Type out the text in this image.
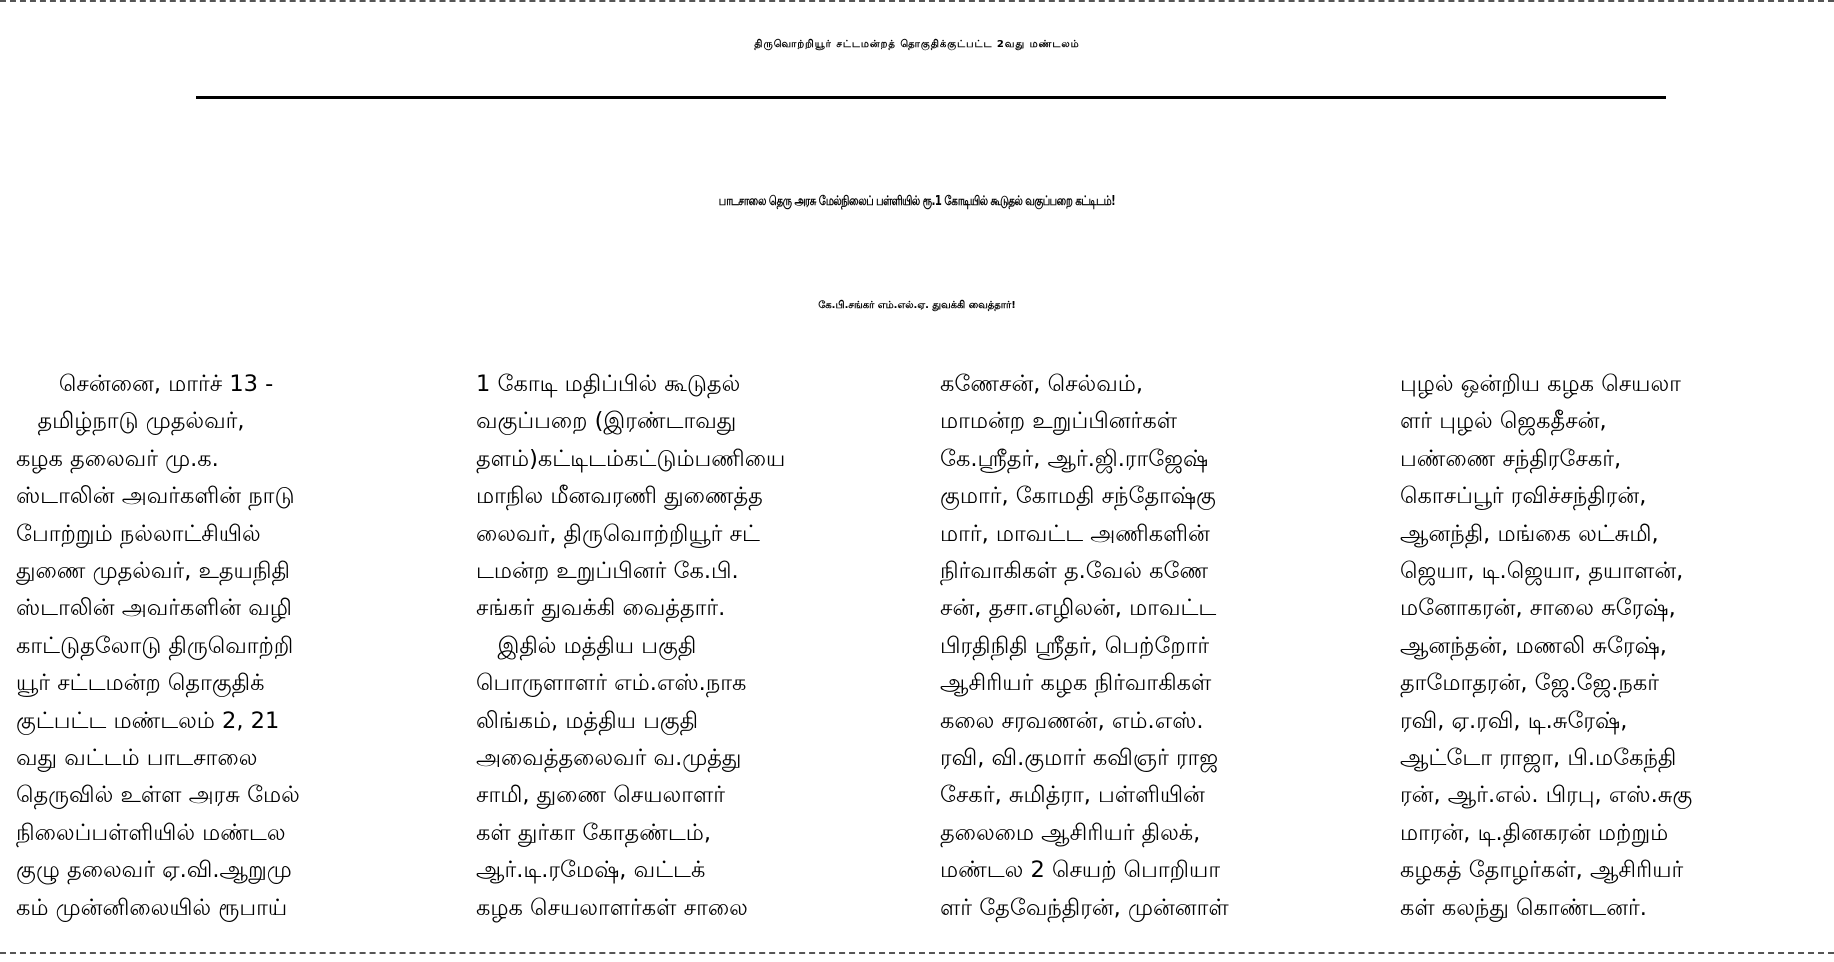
திருவொற்றியூர் சட்டமன்றத் தொகுதிக்குட்பட்ட 2வது மண்டலம்
பாடசாலை தெரு அரசு மேல்நிலைப் பள்ளியில் ரூ.1 கோடியில் கூடுதல் வகுப்பறை கட்டிடம்!
கே.பி.சங்கர் எம்.எல்.ஏ. துவக்கி வைத்தார்!
சென்னை, மார்ச் 13 -
தமிழ்நாடு முதல்வர்,
கழக தலைவர் மு.க.
ஸ்டாலின் அவர்களின் நாடு
போற்றும் நல்லாட்சியில்
துணை முதல்வர், உதயநிதி
ஸ்டாலின் அவர்களின் வழி
காட்டுதலோடு திருவொற்றி
யூர் சட்டமன்ற தொகுதிக்
குட்பட்ட மண்டலம் 2, 21
வது வட்டம் பாடசாலை
தெருவில் உள்ள அரசு மேல்
நிலைப்பள்ளியில் மண்டல
குழு தலைவர் ஏ.வி.ஆறுமு
கம் முன்னிலையில் ரூபாய்
1 கோடி மதிப்பில் கூடுதல்
வகுப்பறை (இரண்டாவது
தளம்)கட்டிடம்கட்டும்பணியை
மாநில மீனவரணி துணைத்த
லைவர், திருவொற்றியூர் சட்
டமன்ற உறுப்பினர் கே.பி.
சங்கர் துவக்கி வைத்தார்.
இதில் மத்திய பகுதி
பொருளாளர் எம்.எஸ்.நாக
லிங்கம், மத்திய பகுதி
அவைத்தலைவர் வ.முத்து
சாமி, துணை செயலாளர்
கள் துர்கா கோதண்டம்,
ஆர்.டி.ரமேஷ், வட்டக்
கழக செயலாளர்கள் சாலை
கணேசன், செல்வம்,
மாமன்ற உறுப்பினர்கள்
கே.ஸ்ரீதர், ஆர்.ஜி.ராஜேஷ்
குமார், கோமதி சந்தோஷ்கு
மார், மாவட்ட அணிகளின்
நிர்வாகிகள் த.வேல் கணே
சன், தசா.எழிலன், மாவட்ட
பிரதிநிதி ஸ்ரீதர், பெற்றோர்
ஆசிரியர் கழக நிர்வாகிகள்
கலை சரவணன், எம்.எஸ்.
ரவி, வி.குமார் கவிஞர் ராஜ
சேகர், சுமித்ரா, பள்ளியின்
தலைமை ஆசிரியர் திலக்,
மண்டல 2 செயற் பொறியா
ளர் தேவேந்திரன், முன்னாள்
புழல் ஒன்றிய கழக செயலா
ளர் புழல் ஜெகதீசன்,
பண்ணை சந்திரசேகர்,
கொசப்பூர் ரவிச்சந்திரன்,
ஆனந்தி, மங்கை லட்சுமி,
ஜெயா, டி.ஜெயா, தயாளன்,
மனோகரன், சாலை சுரேஷ்,
ஆனந்தன், மணலி சுரேஷ்,
தாமோதரன், ஜே.ஜே.நகர்
ரவி, ஏ.ரவி, டி.சுரேஷ்,
ஆட்டோ ராஜா, பி.மகேந்தி
ரன், ஆர்.எல். பிரபு, எஸ்.சுகு
மாரன், டி.தினகரன் மற்றும்
கழகத் தோழர்கள், ஆசிரியர்
கள் கலந்து கொண்டனர்.
